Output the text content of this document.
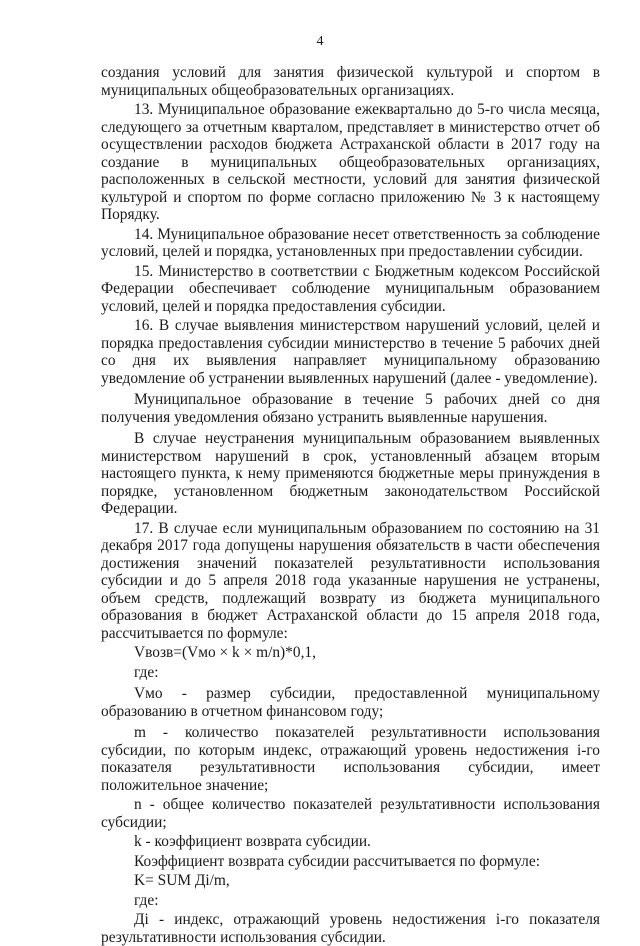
4

создания условий для занятия физической культурой и спортом в муниципальных общеобразовательных организациях.

13. Муниципальное образование ежеквартально до 5-го числа месяца, следующего за отчетным кварталом, представляет в министерство отчет об осуществлении расходов бюджета Астраханской области в 2017 году на создание в муниципальных общеобразовательных организациях, расположенных в сельской местности, условий для занятия физической культурой и спортом по форме согласно приложению № 3 к настоящему Порядку.

14. Муниципальное образование несет ответственность за соблюдение условий, целей и порядка, установленных при предоставлении субсидии.

15. Министерство в соответствии с Бюджетным кодексом Российской Федерации обеспечивает соблюдение муниципальным образованием условий, целей и порядка предоставления субсидии.

16. В случае выявления министерством нарушений условий, целей и порядка предоставления субсидии министерство в течение 5 рабочих дней со дня их выявления направляет муниципальному образованию уведомление об устранении выявленных нарушений (далее - уведомление).

Муниципальное образование в течение 5 рабочих дней со дня получения уведомления обязано устранить выявленные нарушения.

В случае неустранения муниципальным образованием выявленных министерством нарушений в срок, установленный абзацем вторым настоящего пункта, к нему применяются бюджетные меры принуждения в порядке, установленном бюджетным законодательством Российской Федерации.

17. В случае если муниципальным образованием по состоянию на 31 декабря 2017 года допущены нарушения обязательств в части обеспечения достижения значений показателей результативности использования субсидии и до 5 апреля 2018 года указанные нарушения не устранены, объем средств, подлежащий возврату из бюджета муниципального образования в бюджет Астраханской области до 15 апреля 2018 года, рассчитывается по формуле:

Vвозв=(Vмо × k × m/n)*0,1,

где:

Vмо - размер субсидии, предоставленной муниципальному образованию в отчетном финансовом году;

m - количество показателей результативности использования субсидии, по которым индекс, отражающий уровень недостижения i-го показателя результативности использования субсидии, имеет положительное значение;

n - общее количество показателей результативности использования субсидии;

k - коэффициент возврата субсидии.

Коэффициент возврата субсидии рассчитывается по формуле:

K= SUM Дi/m,

где:

Дi - индекс, отражающий уровень недостижения i-го показателя результативности использования субсидии.
